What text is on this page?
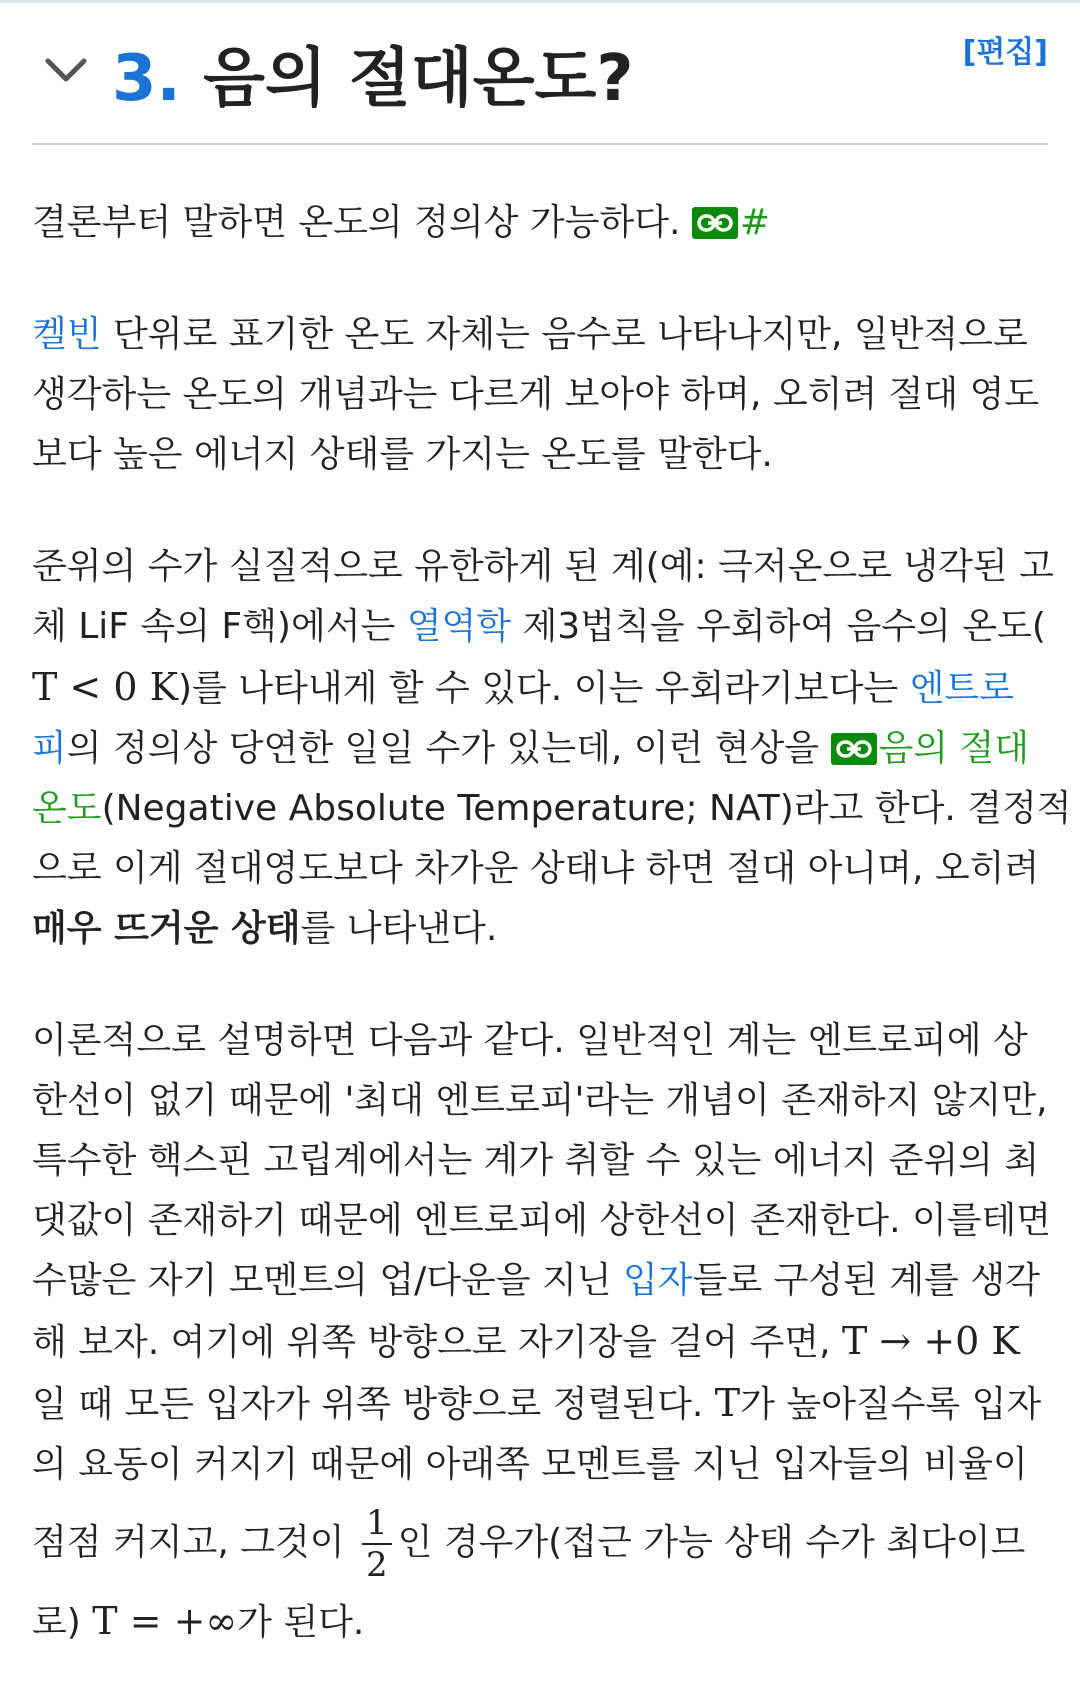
3. 음의 절대온도?	[편집]

결론부터 말하면 온도의 정의상 가능하다.
#

켈빈 단위로 표기한 온도 자체는 음수로 나타나지만, 일반적으로
생각하는 온도의 개념과는 다르게 보아야 하며, 오히려 절대 영도
보다 높은 에너지 상태를 가지는 온도를 말한다.

준위의 수가 실질적으로 유한하게 된 계(예: 극저온으로 냉각된 고
체 LiF 속의 F핵)에서는 열역학 제3법칙을 우회하여 음수의 온도(
T < 0 K)를 나타내게 할 수 있다. 이는 우회라기보다는 엔트로
피의 정의상 당연한 일일 수가 있는데, 이런 현상을
음의 절대
온도(Negative Absolute Temperature; NAT)라고 한다. 결정적
으로 이게 절대영도보다 차가운 상태냐 하면 절대 아니며, 오히려
매우 뜨거운 상태를 나타낸다.

이론적으로 설명하면 다음과 같다. 일반적인 계는 엔트로피에 상
한선이 없기 때문에 '최대 엔트로피'라는 개념이 존재하지 않지만,
특수한 핵스핀 고립계에서는 계가 취할 수 있는 에너지 준위의 최
댓값이 존재하기 때문에 엔트로피에 상한선이 존재한다. 이를테면
수많은 자기 모멘트의 업/다운을 지닌 입자들로 구성된 계를 생각
해 보자. 여기에 위쪽 방향으로 자기장을 걸어 주면, T → +0 K
일 때 모든 입자가 위쪽 방향으로 정렬된다. T가 높아질수록 입자
의 요동이 커지기 때문에 아래쪽 모멘트를 지닌 입자들의 비율이
점점 커지고, 그것이 $\frac{1}{2}$ 인 경우가(접근 가능 상태 수가 최다이므
로) T = +∞가 된다.
